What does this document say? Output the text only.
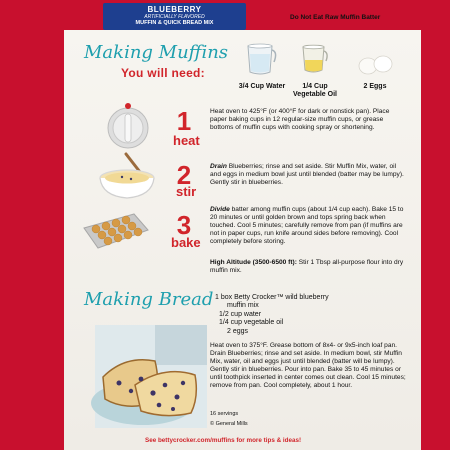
BLUEBERRY
ARTIFICIALLY FLAVORED
MUFFIN & QUICK BREAD MIX
Do Not Eat Raw Muffin Batter
Making Muffins
You will need:
3/4 Cup Water	1/4 Cup
Vegetable Oil
2 Eggs
1
heat
Heat oven to 425°F (or 400°F for dark or nonstick pan). Place paper baking cups in 12 regular-size muffin cups, or grease bottoms of muffin cups with cooking spray or shortening.
2
stir
Drain Blueberries; rinse and set aside. Stir Muffin Mix, water, oil and eggs in medium bowl just until blended (batter may be lumpy). Gently stir in blueberries.
3
bake
Divide batter among muffin cups (about 1/4 cup each). Bake 15 to 20 minutes or until golden brown and tops spring back when touched. Cool 5 minutes; carefully remove from pan (if muffins are not in paper cups, run knife around sides before removing). Cool completely before storing.
High Altitude (3500-6500 ft): Stir 1 Tbsp all-purpose flour into dry muffin mix.
Making Bread 1 box Betty Crocker™ wild blueberry
muffin mix
1/2 cup water
1/4 cup vegetable oil
2 eggs
Heat oven to 375°F. Grease bottom of 8x4- or 9x5-inch loaf pan. Drain Blueberries; rinse and set aside. In medium bowl, stir Muffin Mix, water, oil and eggs just until blended (batter will be lumpy). Gently stir in blueberries. Pour into pan. Bake 35 to 45 minutes or until toothpick inserted in center comes out clean. Cool 15 minutes; remove from pan. Cool completely, about 1 hour.
16 servings
© General Mills
See bettycrocker.com/muffins for more tips & ideas!
